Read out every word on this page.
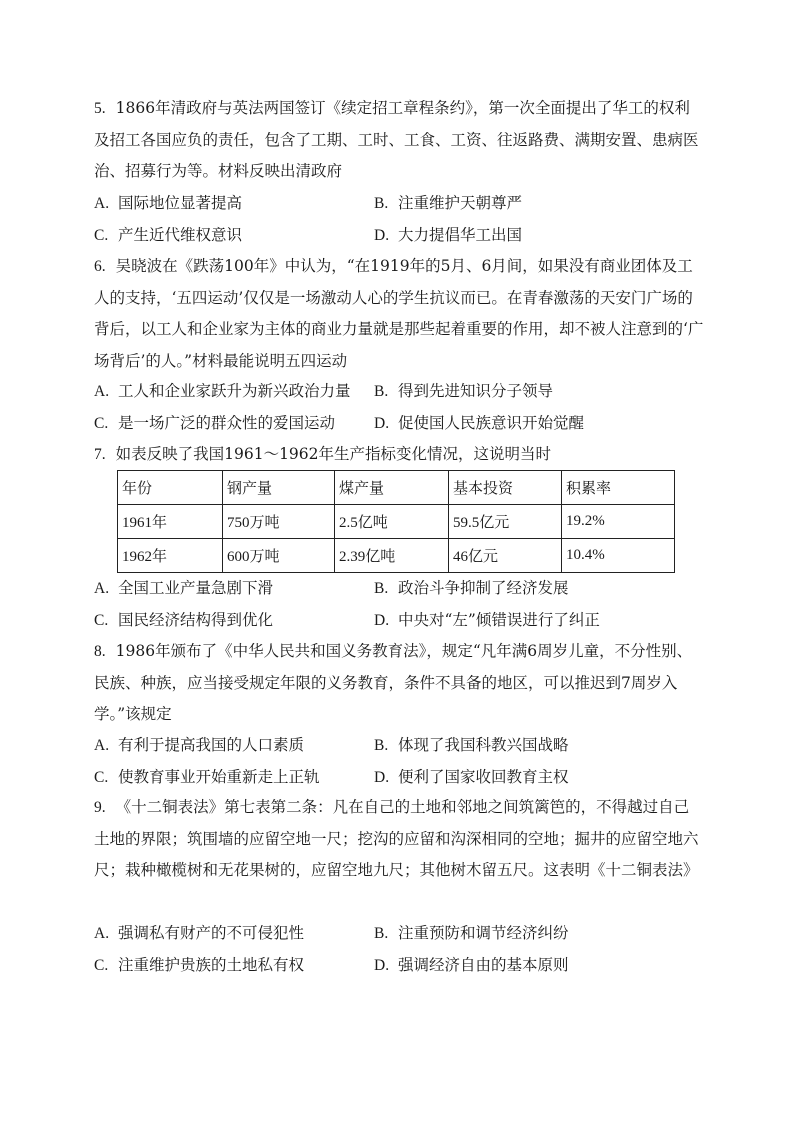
5. 1866年清政府与英法两国签订《续定招工章程条约》，第一次全面提出了华工的权利及招工各国应负的责任，包含了工期、工时、工食、工资、往返路费、满期安置、患病医治、招募行为等。材料反映出清政府

A. 国际地位显著提高	B. 注重维护天朝尊严
C. 产生近代维权意识	D. 大力提倡华工出国

6. 吴晓波在《跌荡100年》中认为，“在1919年的5月、6月间，如果没有商业团体及工人的支持，‘五四运动’仅仅是一场激动人心的学生抗议而已。在青春激荡的天安门广场的背后，以工人和企业家为主体的商业力量就是那些起着重要的作用，却不被人注意到的‘广场背后’的人。”材料最能说明五四运动

A. 工人和企业家跃升为新兴政治力量	B. 得到先进知识分子领导
C. 是一场广泛的群众性的爱国运动	D. 促使国人民族意识开始觉醒

7. 如表反映了我国1961～1962年生产指标变化情况，这说明当时

年份	钢产量	煤产量	基本投资	积累率
1961年	750万吨	2.5亿吨	59.5亿元	19.2%
1962年	600万吨	2.39亿吨	46亿元	10.4%
A. 全国工业产量急剧下滑	B. 政治斗争抑制了经济发展
C. 国民经济结构得到优化	D. 中央对“左”倾错误进行了纠正

8. 1986年颁布了《中华人民共和国义务教育法》，规定“凡年满6周岁儿童，不分性别、民族、种族，应当接受规定年限的义务教育，条件不具备的地区，可以推迟到7周岁入学。”该规定

A. 有利于提高我国的人口素质	B. 体现了我国科教兴国战略
C. 使教育事业开始重新走上正轨	D. 便利了国家收回教育主权

9. 《十二铜表法》第七表第二条：凡在自己的土地和邻地之间筑篱笆的，不得越过自己土地的界限；筑围墙的应留空地一尺；挖沟的应留和沟深相同的空地；掘井的应留空地六尺；栽种橄榄树和无花果树的，应留空地九尺；其他树木留五尺。这表明《十二铜表法》

A. 强调私有财产的不可侵犯性	B. 注重预防和调节经济纠纷
C. 注重维护贵族的土地私有权	D. 强调经济自由的基本原则
